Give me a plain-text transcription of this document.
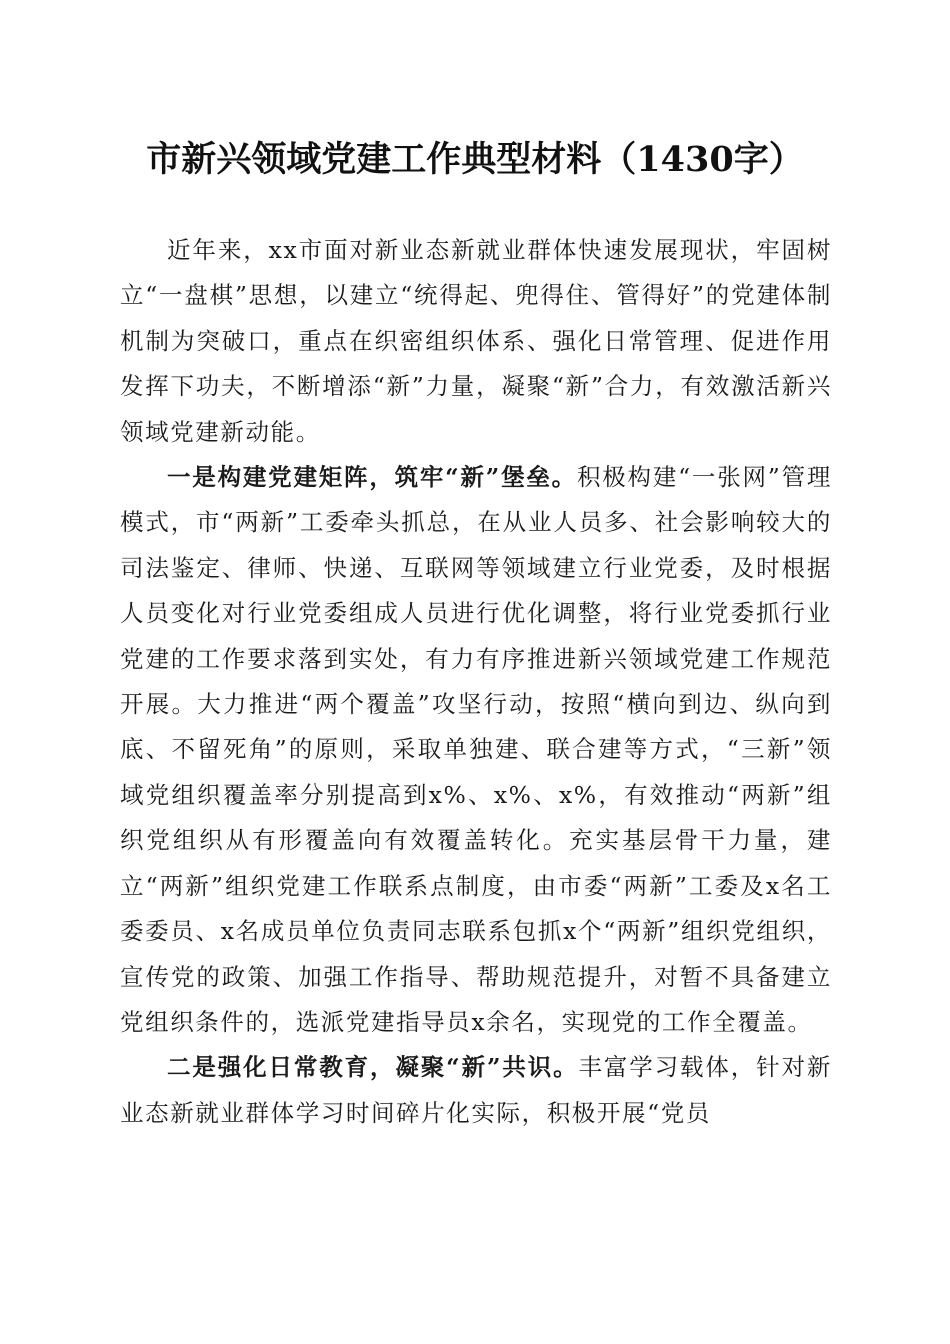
市新兴领域党建工作典型材料（1430字）

近年来，xx市面对新业态新就业群体快速发展现状，牢固树立“一盘棋”思想，以建立“统得起、兜得住、管得好”的党建体制机制为突破口，重点在织密组织体系、强化日常管理、促进作用发挥下功夫，不断增添“新”力量，凝聚“新”合力，有效激活新兴领域党建新动能。

一是构建党建矩阵，筑牢“新”堡垒。积极构建“一张网”管理模式，市“两新”工委牵头抓总，在从业人员多、社会影响较大的司法鉴定、律师、快递、互联网等领域建立行业党委，及时根据人员变化对行业党委组成人员进行优化调整，将行业党委抓行业党建的工作要求落到实处，有力有序推进新兴领域党建工作规范开展。大力推进“两个覆盖”攻坚行动，按照“横向到边、纵向到底、不留死角”的原则，采取单独建、联合建等方式，“三新”领域党组织覆盖率分别提高到x%、x%、x%，有效推动“两新”组织党组织从有形覆盖向有效覆盖转化。充实基层骨干力量，建立“两新”组织党建工作联系点制度，由市委“两新”工委及x名工委委员、x名成员单位负责同志联系包抓x个“两新”组织党组织，宣传党的政策、加强工作指导、帮助规范提升，对暂不具备建立党组织条件的，选派党建指导员x余名，实现党的工作全覆盖。

二是强化日常教育，凝聚“新”共识。丰富学习载体，针对新业态新就业群体学习时间碎片化实际，积极开展“党员
